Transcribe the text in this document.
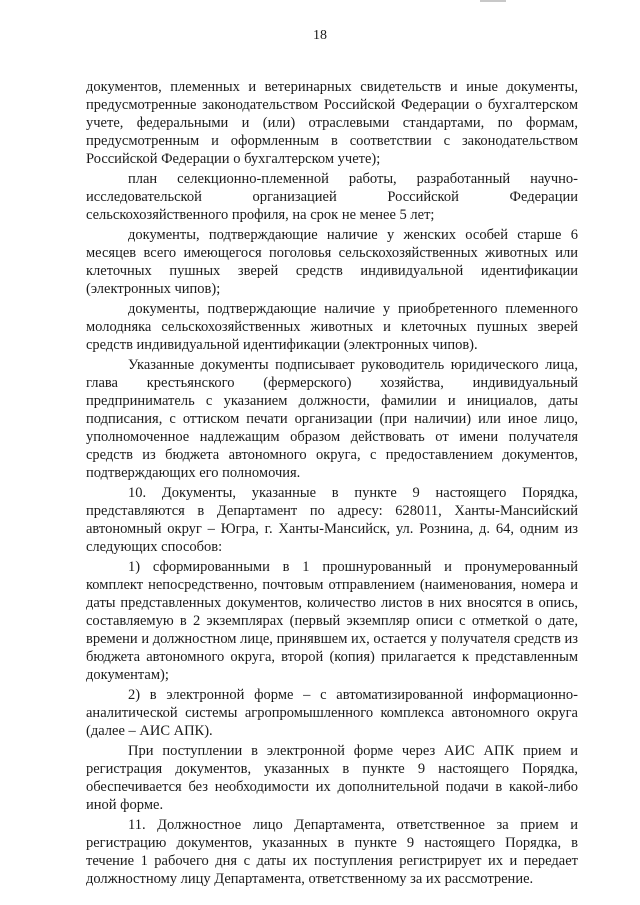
18

документов, племенных и ветеринарных свидетельств и иные документы, предусмотренные законодательством Российской Федерации о бухгалтерском учете, федеральными и (или) отраслевыми стандартами, по формам, предусмотренным и оформленным в соответствии с законодательством Российской Федерации о бухгалтерском учете);

план селекционно-племенной работы, разработанный научно-исследовательской организацией Российской Федерации сельскохозяйственного профиля, на срок не менее 5 лет;

документы, подтверждающие наличие у женских особей старше 6 месяцев всего имеющегося поголовья сельскохозяйственных животных или клеточных пушных зверей средств индивидуальной идентификации (электронных чипов);

документы, подтверждающие наличие у приобретенного племенного молодняка сельскохозяйственных животных и клеточных пушных зверей средств индивидуальной идентификации (электронных чипов).

Указанные документы подписывает руководитель юридического лица, глава крестьянского (фермерского) хозяйства, индивидуальный предприниматель с указанием должности, фамилии и инициалов, даты подписания, с оттиском печати организации (при наличии) или иное лицо, уполномоченное надлежащим образом действовать от имени получателя средств из бюджета автономного округа, с предоставлением документов, подтверждающих его полномочия.

10. Документы, указанные в пункте 9 настоящего Порядка, представляются в Департамент по адресу: 628011, Ханты-Мансийский автономный округ – Югра, г. Ханты-Мансийск, ул. Рознина, д. 64, одним из следующих способов:

1) сформированными в 1 прошнурованный и пронумерованный комплект непосредственно, почтовым отправлением (наименования, номера и даты представленных документов, количество листов в них вносятся в опись, составляемую в 2 экземплярах (первый экземпляр описи с отметкой о дате, времени и должностном лице, принявшем их, остается у получателя средств из бюджета автономного округа, второй (копия) прилагается к представленным документам);

2) в электронной форме – с автоматизированной информационно-аналитической системы агропромышленного комплекса автономного округа (далее – АИС АПК).

При поступлении в электронной форме через АИС АПК прием и регистрация документов, указанных в пункте 9 настоящего Порядка, обеспечивается без необходимости их дополнительной подачи в какой-либо иной форме.

11. Должностное лицо Департамента, ответственное за прием и регистрацию документов, указанных в пункте 9 настоящего Порядка, в течение 1 рабочего дня с даты их поступления регистрирует их и передает должностному лицу Департамента, ответственному за их рассмотрение.
